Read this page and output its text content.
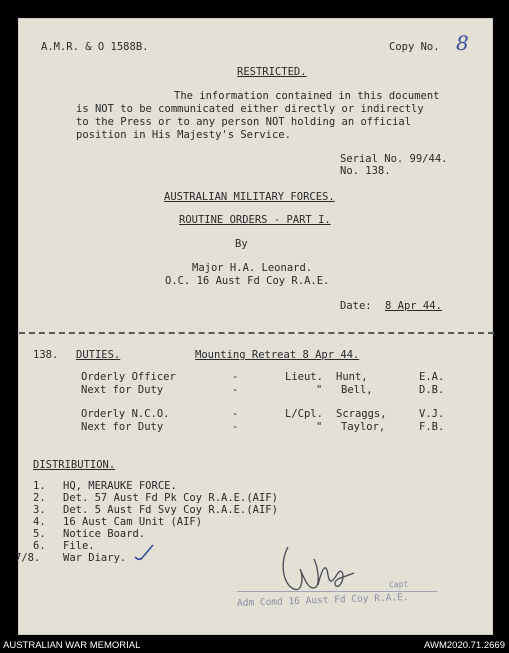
A.M.R. & O 1588B.	Copy No. 8
RESTRICTED.
The information contained in this document
is NOT to be communicated either directly or indirectly
to the Press or to any person NOT holding an official
position in His Majesty's Service.
Serial No. 99/44.
No. 138.
AUSTRALIAN MILITARY FORCES.
ROUTINE ORDERS - PART I.
By
Major H.A. Leonard.
O.C. 16 Aust Fd Coy R.A.E.
Date: 8 Apr 44.
138. DUTIES.	Mounting Retreat 8 Apr 44.
Orderly Officer	-	Lieut. Hunt,	E.A.
Next for Duty	-	" Bell,	D.B.
Orderly N.C.O.	-	L/Cpl. Scraggs,	V.J.
Next for Duty	-	" Taylor,	F.B.
DISTRIBUTION.
1. HQ, MERAUKE FORCE.
2. Det. 57 Aust Fd Pk Coy R.A.E.(AIF)
3. Det. 5 Aust Fd Svy Coy R.A.E.(AIF)
4. 16 Aust Cam Unit (AIF)
5. Notice Board.
6. File.
7/8. War Diary.
Capt
Adm Comd 16 Aust Fd Coy R.A.E.
AUSTRALIAN WAR MEMORIAL	AWM2020.71.2669
